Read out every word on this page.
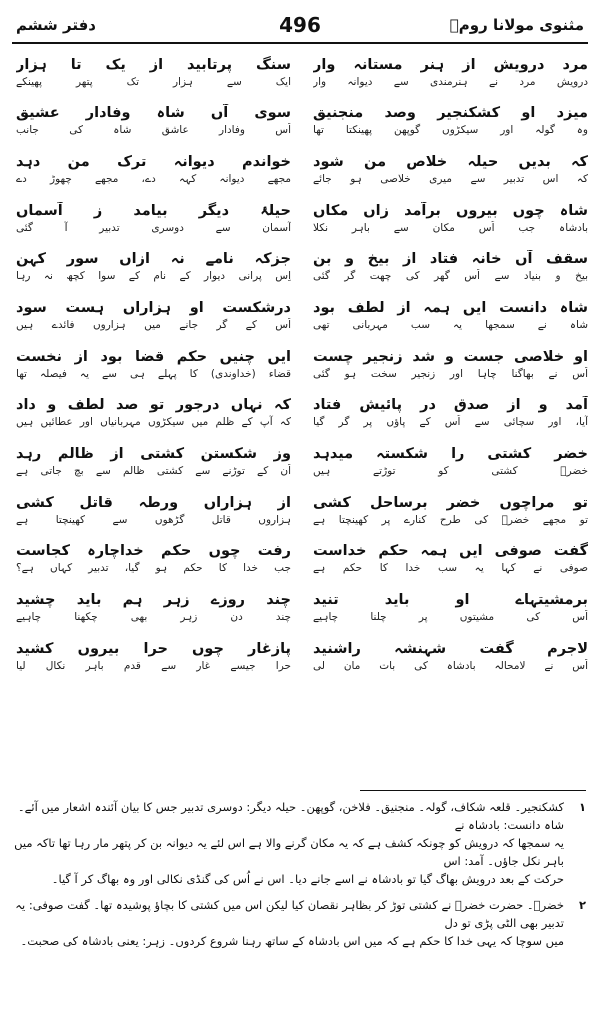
مثنوی مولانا رومؒ
496
دفتر ششم
مرد درویش از ہنر مستانہ وار
درویش مرد نے ہنرمندی سے دیوانہ وار
سنگ پرتابید از یک تا ہزار
ایک سے ہزار تک پتھر پھینکے
میزد او کشکنجیر وصد منجنیق
وہ گولہ اور سیکڑوں گوپھن پھینکتا تھا
سوی آں شاہ وفادار عشیق
اُس وفادار عاشق شاہ کی جانب
کہ بدیں حیلہ خلاص من شود
کہ اس تدبیر سے میری خلاصی ہو جائے
خواندم دیوانہ ترک من دہد
مجھے دیوانہ کہہ دے، مجھے چھوڑ دے
شاہ چوں بیروں برآمد زاں مکاں
بادشاہ جب اُس مکان سے باہر نکلا
حیلۂ دیگر بیامد ز آسماں
آسمان سے دوسری تدبیر آ گئی
سقف آں خانہ فتاد از بیخ و بن
بیخ و بنیاد سے اُس گھر کی چھت گر گئی
جزکہ نامے نہ ازاں سور کہن
اِس پرانی دیوار کے نام کے سوا کچھ نہ رہا
شاہ دانست ایں ہمہ از لطف بود
شاہ نے سمجھا یہ سب مہربانی تھی
درشکست او ہزاراں ہست سود
اُس کے گر جانے میں ہزاروں فائدے ہیں
او خلاصی جست و شد زنجیر چست
اُس نے بھاگنا چاہا اور زنجیر سخت ہو گئی
ایں چنیں حکم قضا بود از نخست
قضاء (خداوندی) کا پہلے ہی سے یہ فیصلہ تھا
آمد و از صدق در پائیش فتاد
آیا، اور سچائی سے اُس کے پاؤں پر گر گیا
کہ نہاں درجور تو صد لطف و داد
کہ آپ کے ظلم میں سیکڑوں مہربانیاں اور عطائیں ہیں
خضر کشتی را شکستہ میدہد
خضرؑ کشتی کو توڑتے ہیں
وز شکستن کشتی از ظالم رہد
اُن کے توڑنے سے کشتی ظالم سے بچ جاتی ہے
تو مراچوں خضر برساحل کشی
تو مجھے خضرؑ کی طرح کنارے پر کھینچتا ہے
از ہزاراں ورطہ قاتل کشی
ہزاروں قاتل گڑھوں سے کھینچتا ہے
گفت صوفی ایں ہمہ حکم خداست
صوفی نے کہا یہ سب خدا کا حکم ہے
رفت چوں حکم خداچارہ کجاست
جب خدا کا حکم ہو گیا، تدبیر کہاں ہے؟
برمشیتہاے او باید تنید
اُس کی مشیتوں پر چلنا چاہیے
چند روزے زہر ہم باید چشید
چند دن زہر بھی چکھنا چاہیے
لاجرم گفت شہنشہ راشنید
اُس نے لامحالہ بادشاہ کی بات مان لی
پازغار چوں حرا بیروں کشید
حرا جیسے غار سے قدم باہر نکال لیا
۱
کشکنجیر۔ قلعہ شکاف، گولہ۔ منجنیق۔ فلاخن، گوپھن۔ حیلہ دیگر: دوسری تدبیر جس کا بیان آئندہ اشعار میں آئے۔ شاہ دانست: بادشاہ نے
یہ سمجھا کہ درویش کو چونکہ کشف ہے کہ یہ مکان گرنے والا ہے اس لئے یہ دیوانہ بن کر پتھر مار رہا تھا تاکہ میں باہر نکل جاؤں۔ آمد: اس
حرکت کے بعد درویش بھاگ گیا تو بادشاہ نے اسے جانے دیا۔ اس نے اُس کی گنڈی نکالی اور وہ بھاگ کر آ گیا۔
۲
خضرؑ۔ حضرت خضرؑ نے کشتی توڑ کر بظاہر نقصان کیا لیکن اس میں کشتی کا بچاؤ پوشیدہ تھا۔ گفت صوفی: یہ تدبیر بھی الٹی پڑی تو دل
میں سوچا کہ یہی خدا کا حکم ہے کہ میں اس بادشاہ کے ساتھ رہنا شروع کردوں۔ زہر: یعنی بادشاہ کی صحبت۔
